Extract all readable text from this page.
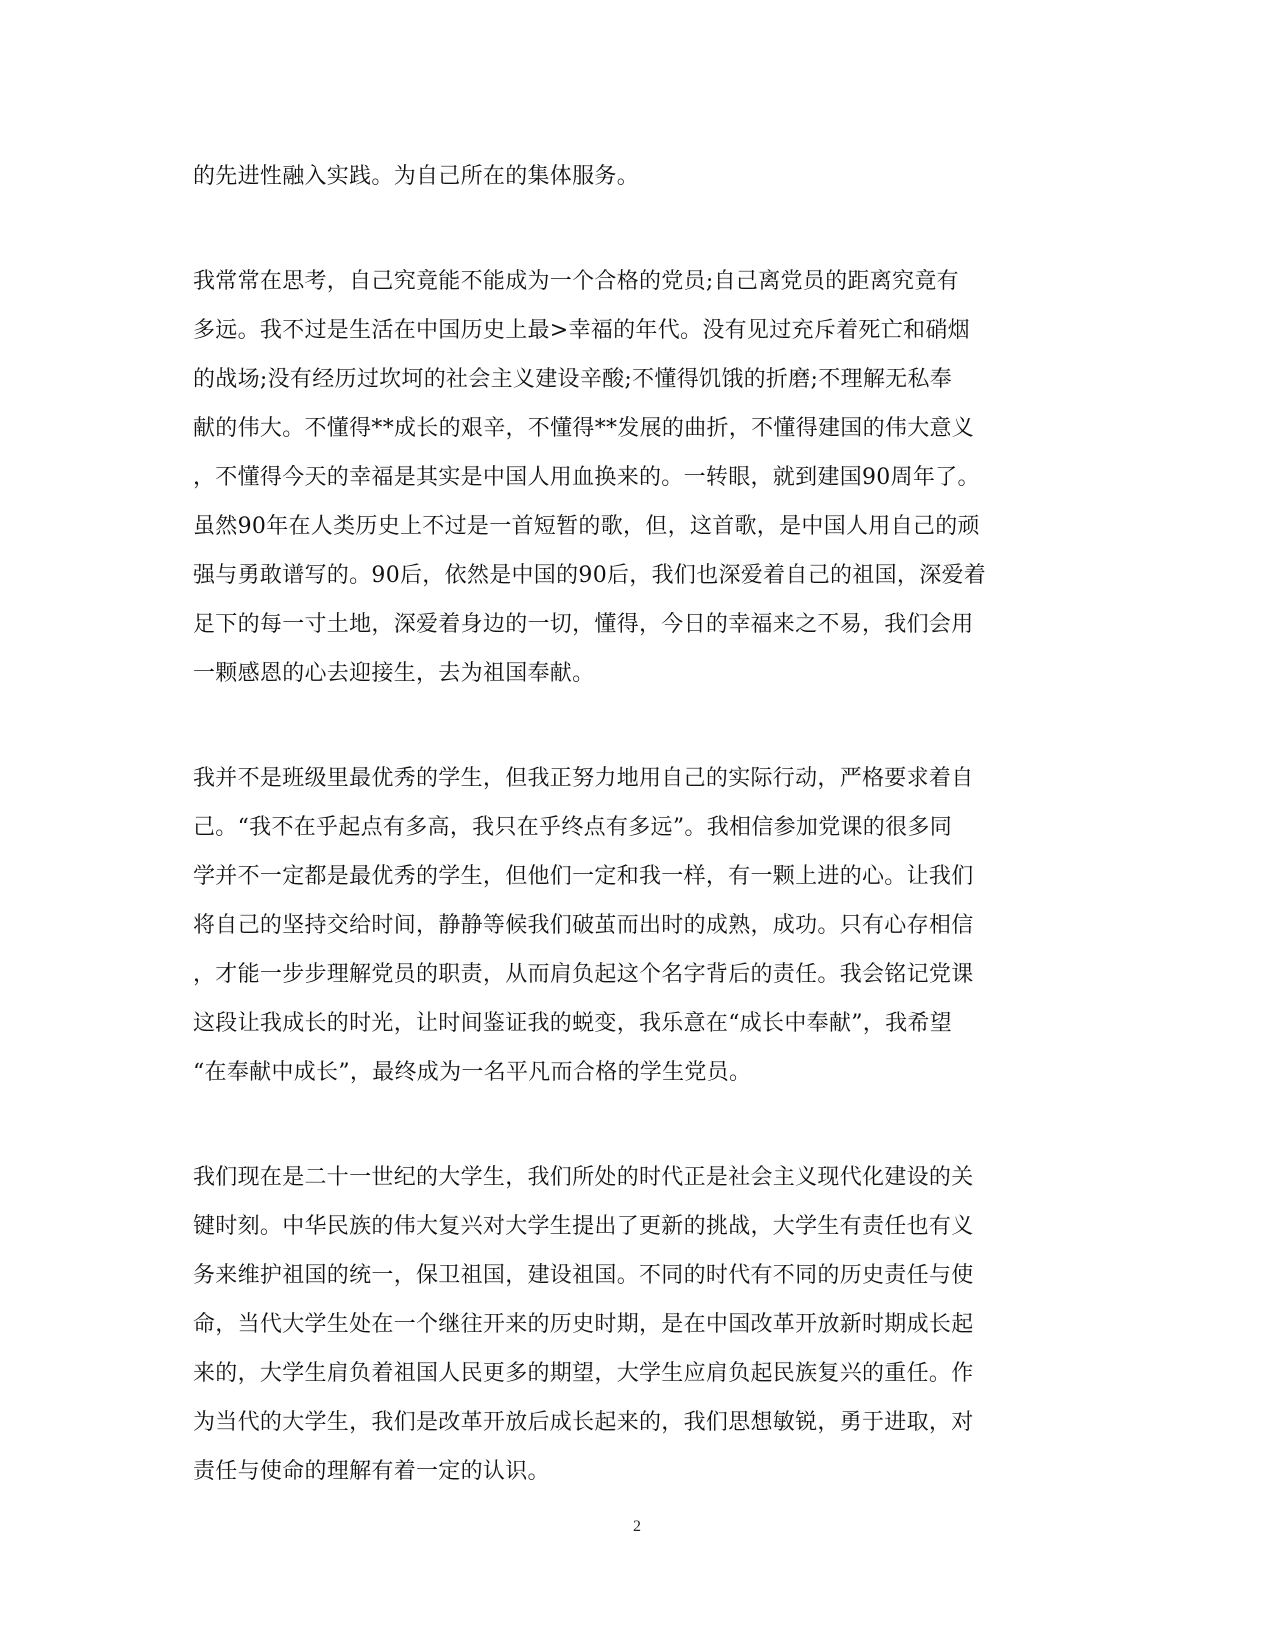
的先进性融入实践。为自己所在的集体服务。

我常常在思考，自己究竟能不能成为一个合格的党员;自己离党员的距离究竟有
多远。我不过是生活在中国历史上最>幸福的年代。没有见过充斥着死亡和硝烟
的战场;没有经历过坎坷的社会主义建设辛酸;不懂得饥饿的折磨;不理解无私奉
献的伟大。不懂得**成长的艰辛，不懂得**发展的曲折，不懂得建国的伟大意义
，不懂得今天的幸福是其实是中国人用血换来的。一转眼，就到建国90周年了。
虽然90年在人类历史上不过是一首短暂的歌，但，这首歌，是中国人用自己的顽
强与勇敢谱写的。90后，依然是中国的90后，我们也深爱着自己的祖国，深爱着
足下的每一寸土地，深爱着身边的一切，懂得，今日的幸福来之不易，我们会用
一颗感恩的心去迎接生，去为祖国奉献。

我并不是班级里最优秀的学生，但我正努力地用自己的实际行动，严格要求着自
己。“我不在乎起点有多高，我只在乎终点有多远”。我相信参加党课的很多同
学并不一定都是最优秀的学生，但他们一定和我一样，有一颗上进的心。让我们
将自己的坚持交给时间，静静等候我们破茧而出时的成熟，成功。只有心存相信
，才能一步步理解党员的职责，从而肩负起这个名字背后的责任。我会铭记党课
这段让我成长的时光，让时间鉴证我的蜕变，我乐意在“成长中奉献”，我希望
“在奉献中成长”，最终成为一名平凡而合格的学生党员。

我们现在是二十一世纪的大学生，我们所处的时代正是社会主义现代化建设的关
键时刻。中华民族的伟大复兴对大学生提出了更新的挑战，大学生有责任也有义
务来维护祖国的统一，保卫祖国，建设祖国。不同的时代有不同的历史责任与使
命，当代大学生处在一个继往开来的历史时期，是在中国改革开放新时期成长起
来的，大学生肩负着祖国人民更多的期望，大学生应肩负起民族复兴的重任。作
为当代的大学生，我们是改革开放后成长起来的，我们思想敏锐，勇于进取，对
责任与使命的理解有着一定的认识。

2
